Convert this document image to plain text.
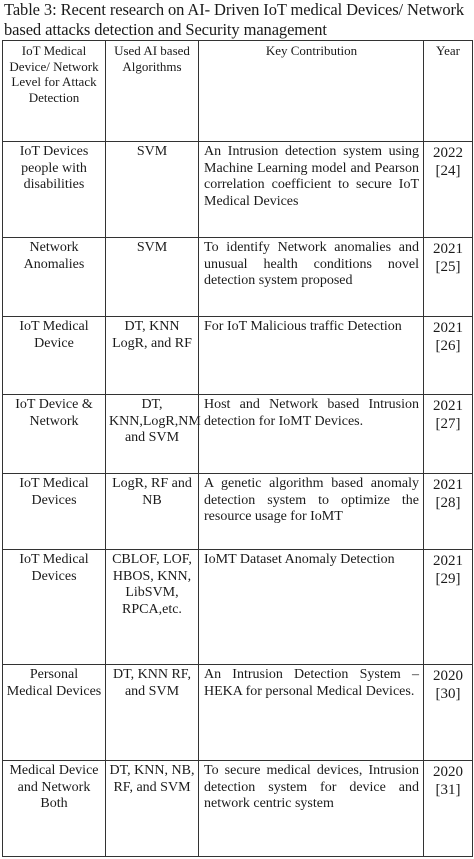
Table 3: Recent research on AI- Driven IoT medical Devices/ Network based attacks detection and Security management
IoT Medical Device/ Network Level for Attack Detection	Used AI based Algorithms	Key Contribution	Year
IoT Devices people with disabilities	SVM	An Intrusion detection system using Machine Learning model and Pearson correlation coefficient to secure IoT Medical Devices	2022 [24]
Network Anomalies	SVM	To identify Network anomalies and unusual health conditions novel detection system proposed	2021 [25]
IoT Medical Device	DT, KNN LogR, and RF	For IoT Malicious traffic Detection	2021 [26]
IoT Device & Network	DT, KNN,LogR,NM and SVM	Host and Network based Intrusion detection for IoMT Devices.	2021 [27]
IoT Medical Devices	LogR, RF and NB	A genetic algorithm based anomaly detection system to optimize the resource usage for IoMT	2021 [28]
IoT Medical Devices	CBLOF, LOF, HBOS, KNN, LibSVM, RPCA,etc.	IoMT Dataset Anomaly Detection	2021 [29]
Personal Medical Devices	DT, KNN RF, and SVM	An Intrusion Detection System –HEKA for personal Medical Devices.	2020 [30]
Medical Device and Network Both	DT, KNN, NB, RF, and SVM	To secure medical devices, Intrusion detection system for device and network centric system	2020 [31]
